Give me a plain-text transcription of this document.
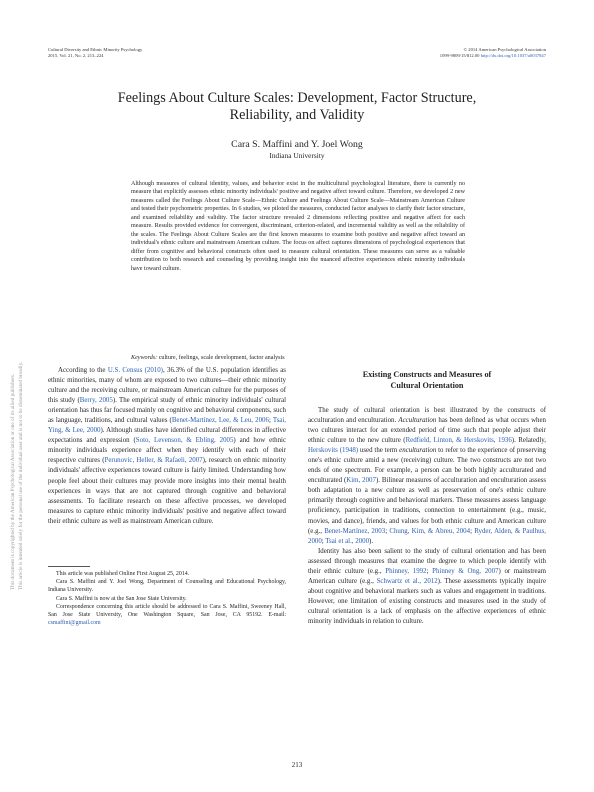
Cultural Diversity and Ethnic Minority Psychology
2015, Vol. 21, No. 2, 213–224
© 2014 American Psychological Association
1099-9809/15/$12.00 http://dx.doi.org/10.1037/a0037847
This document is copyrighted by the American Psychological Association or one of its allied publishers. This article is intended solely for the personal use of the individual user and is not to be disseminated broadly.
Feelings About Culture Scales: Development, Factor Structure,
Reliability, and Validity
Cara S. Maffini and Y. Joel Wong
Indiana University

Although measures of cultural identity, values, and behavior exist in the multicultural psychological literature, there is currently no measure that explicitly assesses ethnic minority individuals' positive and negative affect toward culture. Therefore, we developed 2 new measures called the Feelings About Culture Scale—Ethnic Culture and Feelings About Culture Scale—Mainstream American Culture and tested their psychometric properties. In 6 studies, we piloted the measures, conducted factor analyses to clarify their factor structure, and examined reliability and validity. The factor structure revealed 2 dimensions reflecting positive and negative affect for each measure. Results provided evidence for convergent, discriminant, criterion-related, and incremental validity as well as the reliability of the scales. The Feelings About Culture Scales are the first known measures to examine both positive and negative affect toward an individual's ethnic culture and mainstream American culture. The focus on affect captures dimensions of psychological experiences that differ from cognitive and behavioral constructs often used to measure cultural orientation. These measures can serve as a valuable contribution to both research and counseling by providing insight into the nuanced affective experiences ethnic minority individuals have toward culture.

Keywords: culture, feelings, scale development, factor analysis

According to the U.S. Census (2010), 36.3% of the U.S. population identifies as ethnic minorities, many of whom are exposed to two cultures—their ethnic minority culture and the receiving culture, or mainstream American culture for the purposes of this study (Berry, 2005). The empirical study of ethnic minority individuals' cultural orientation has thus far focused mainly on cognitive and behavioral components, such as language, traditions, and cultural values (Benet-Martínez, Lee, & Leu, 2006; Tsai, Ying, & Lee, 2000). Although studies have identified cultural differences in affective expectations and expression (Soto, Levenson, & Ebling, 2005) and how ethnic minority individuals experience affect when they identify with each of their respective cultures (Perunovic, Heller, & Rafaeli, 2007), research on ethnic minority individuals' affective experiences toward culture is fairly limited. Understanding how people feel about their cultures may provide more insights into their mental health experiences in ways that are not captured through cognitive and behavioral assessments. To facilitate research on these affective processes, we developed measures to capture ethnic minority individuals' positive and negative affect toward their ethnic culture as well as mainstream American culture.

This article was published Online First August 25, 2014.

Cara S. Maffini and Y. Joel Wong, Department of Counseling and Educational Psychology, Indiana University.

Cara S. Maffini is now at the San Jose State University.

Correspondence concerning this article should be addressed to Cara S. Maffini, Sweeney Hall, San Jose State University, One Washington Square, San Jose, CA 95192. E-mail: csmaffini@gmail.com

Existing Constructs and Measures of
Cultural Orientation

The study of cultural orientation is best illustrated by the constructs of acculturation and enculturation. Acculturation has been defined as what occurs when two cultures interact for an extended period of time such that people adjust their ethnic culture to the new culture (Redfield, Linton, & Herskovits, 1936). Relatedly, Herskovits (1948) used the term enculturation to refer to the experience of preserving one's ethnic culture amid a new (receiving) culture. The two constructs are not two ends of one spectrum. For example, a person can be both highly acculturated and enculturated (Kim, 2007). Bilinear measures of acculturation and enculturation assess both adaptation to a new culture as well as preservation of one's ethnic culture primarily through cognitive and behavioral markers. These measures assess language proficiency, participation in traditions, connection to entertainment (e.g., music, movies, and dance), friends, and values for both ethnic culture and American culture (e.g., Benet-Martínez, 2003; Chung, Kim, & Abreu, 2004; Ryder, Alden, & Paulhus, 2000; Tsai et al., 2000).

Identity has also been salient to the study of cultural orientation and has been assessed through measures that examine the degree to which people identify with their ethnic culture (e.g., Phinney, 1992; Phinney & Ong, 2007) or mainstream American culture (e.g., Schwartz et al., 2012). These assessments typically inquire about cognitive and behavioral markers such as values and engagement in traditions. However, one limitation of existing constructs and measures used in the study of cultural orientation is a lack of emphasis on the affective experiences of ethnic minority individuals in relation to culture.

213
